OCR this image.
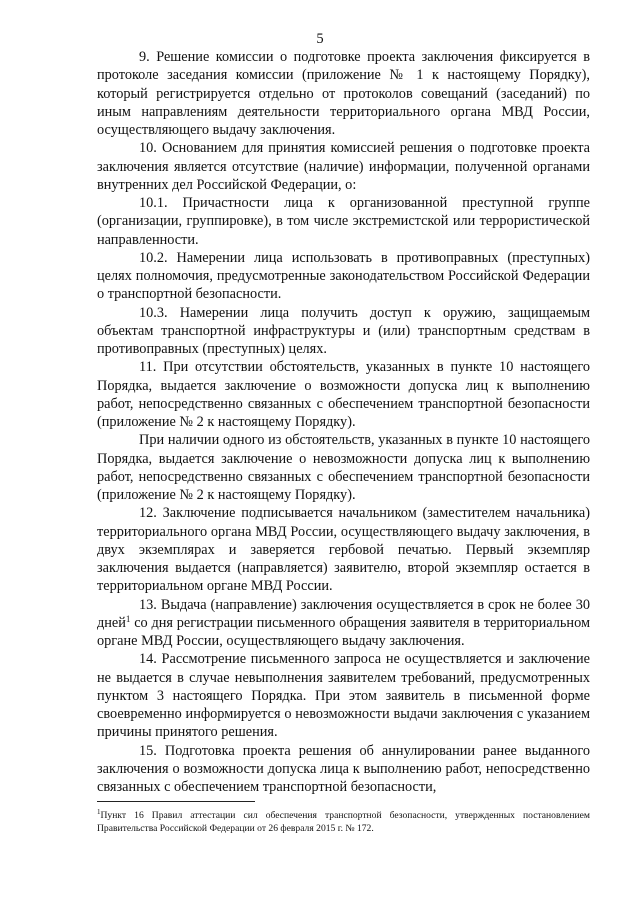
5

9. Решение комиссии о подготовке проекта заключения фиксируется в протоколе заседания комиссии (приложение № 1 к настоящему Порядку), который регистрируется отдельно от протоколов совещаний (заседаний) по иным направлениям деятельности территориального органа МВД России, осуществляющего выдачу заключения.

10. Основанием для принятия комиссией решения о подготовке проекта заключения является отсутствие (наличие) информации, полученной органами внутренних дел Российской Федерации, о:

10.1. Причастности лица к организованной преступной группе (организации, группировке), в том числе экстремистской или террористической направленности.

10.2. Намерении лица использовать в противоправных (преступных) целях полномочия, предусмотренные законодательством Российской Федерации о транспортной безопасности.

10.3. Намерении лица получить доступ к оружию, защищаемым объектам транспортной инфраструктуры и (или) транспортным средствам в противоправных (преступных) целях.

11. При отсутствии обстоятельств, указанных в пункте 10 настоящего Порядка, выдается заключение о возможности допуска лиц к выполнению работ, непосредственно связанных с обеспечением транспортной безопасности (приложение № 2 к настоящему Порядку).

При наличии одного из обстоятельств, указанных в пункте 10 настоящего Порядка, выдается заключение о невозможности допуска лиц к выполнению работ, непосредственно связанных с обеспечением транспортной безопасности (приложение № 2 к настоящему Порядку).

12. Заключение подписывается начальником (заместителем начальника) территориального органа МВД России, осуществляющего выдачу заключения, в двух экземплярах и заверяется гербовой печатью. Первый экземпляр заключения выдается (направляется) заявителю, второй экземпляр остается в территориальном органе МВД России.

13. Выдача (направление) заключения осуществляется в срок не более 30 дней$^1$ со дня регистрации письменного обращения заявителя в территориальном органе МВД России, осуществляющего выдачу заключения.

14. Рассмотрение письменного запроса не осуществляется и заключение не выдается в случае невыполнения заявителем требований, предусмотренных пунктом 3 настоящего Порядка. При этом заявитель в письменной форме своевременно информируется о невозможности выдачи заключения с указанием причины принятого решения.

15. Подготовка проекта решения об аннулировании ранее выданного заключения о возможности допуска лица к выполнению работ, непосредственно связанных с обеспечением транспортной безопасности,

$^1$Пункт 16 Правил аттестации сил обеспечения транспортной безопасности, утвержденных постановлением Правительства Российской Федерации от 26 февраля 2015 г. № 172.
